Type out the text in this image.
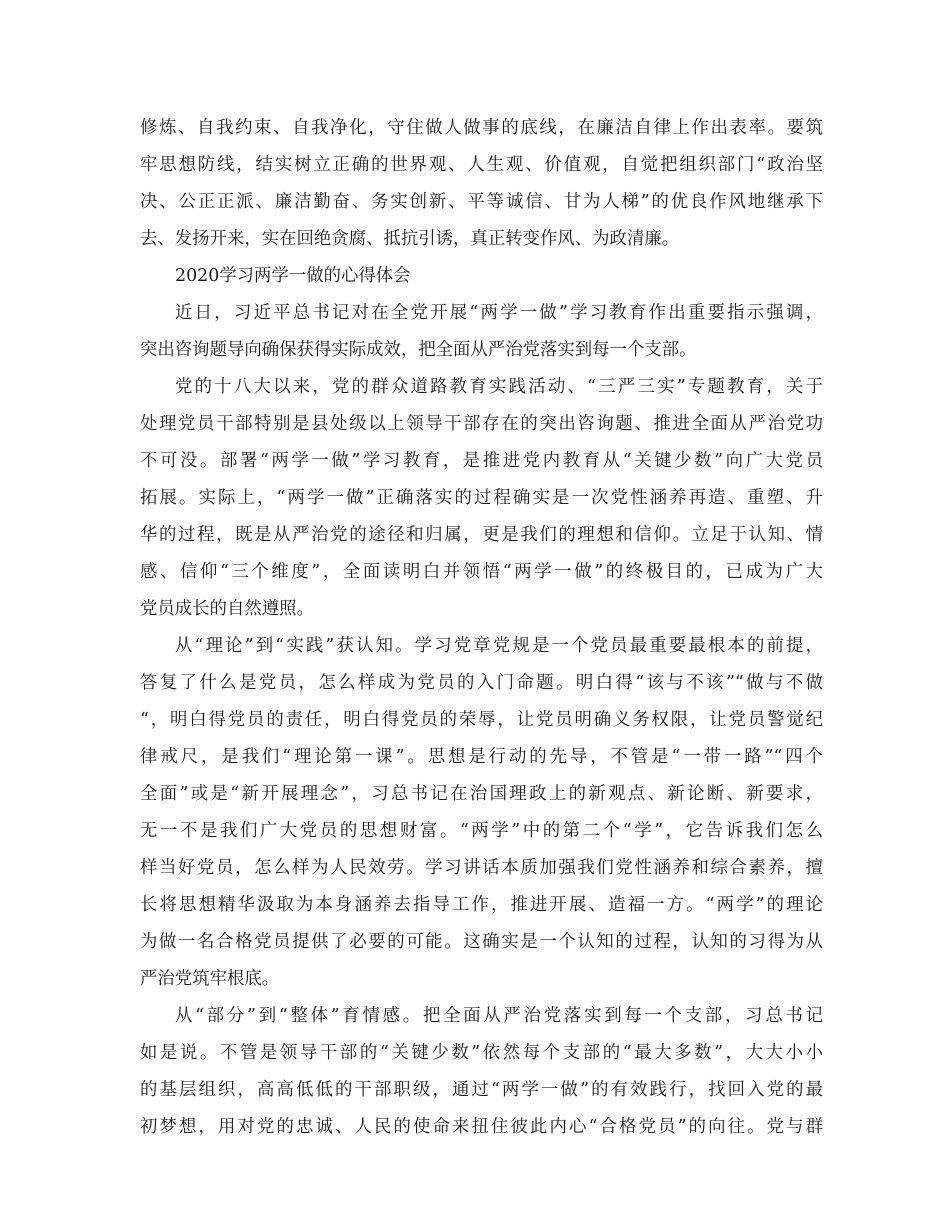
修炼、自我约束、自我净化，守住做人做事的底线，在廉洁自律上作出表率。要筑
牢思想防线，结实树立正确的世界观、人生观、价值观，自觉把组织部门“政治坚
决、公正正派、廉洁勤奋、务实创新、平等诚信、甘为人梯”的优良作风地继承下
去、发扬开来，实在回绝贪腐、抵抗引诱，真正转变作风、为政清廉。
2020学习两学一做的心得体会
近日，习近平总书记对在全党开展“两学一做”学习教育作出重要指示强调，
突出咨询题导向确保获得实际成效，把全面从严治党落实到每一个支部。
党的十八大以来，党的群众道路教育实践活动、“三严三实”专题教育，关于
处理党员干部特别是县处级以上领导干部存在的突出咨询题、推进全面从严治党功
不可没。部署“两学一做”学习教育，是推进党内教育从“关键少数”向广大党员
拓展。实际上，“两学一做”正确落实的过程确实是一次党性涵养再造、重塑、升
华的过程，既是从严治党的途径和归属，更是我们的理想和信仰。立足于认知、情
感、信仰“三个维度”，全面读明白并领悟“两学一做”的终极目的，已成为广大
党员成长的自然遵照。
从“理论”到“实践”获认知。学习党章党规是一个党员最重要最根本的前提，
答复了什么是党员，怎么样成为党员的入门命题。明白得“该与不该”“做与不做
“，明白得党员的责任，明白得党员的荣辱，让党员明确义务权限，让党员警觉纪
律戒尺，是我们“理论第一课”。思想是行动的先导，不管是“一带一路”“四个
全面”或是“新开展理念”，习总书记在治国理政上的新观点、新论断、新要求，
无一不是我们广大党员的思想财富。“两学”中的第二个“学”，它告诉我们怎么
样当好党员，怎么样为人民效劳。学习讲话本质加强我们党性涵养和综合素养，擅
长将思想精华汲取为本身涵养去指导工作，推进开展、造福一方。“两学”的理论
为做一名合格党员提供了必要的可能。这确实是一个认知的过程，认知的习得为从
严治党筑牢根底。
从“部分”到“整体”育情感。把全面从严治党落实到每一个支部，习总书记
如是说。不管是领导干部的“关键少数”依然每个支部的“最大多数”，大大小小
的基层组织，高高低低的干部职级，通过“两学一做”的有效践行，找回入党的最
初梦想，用对党的忠诚、人民的使命来扭住彼此内心“合格党员”的向往。党与群
